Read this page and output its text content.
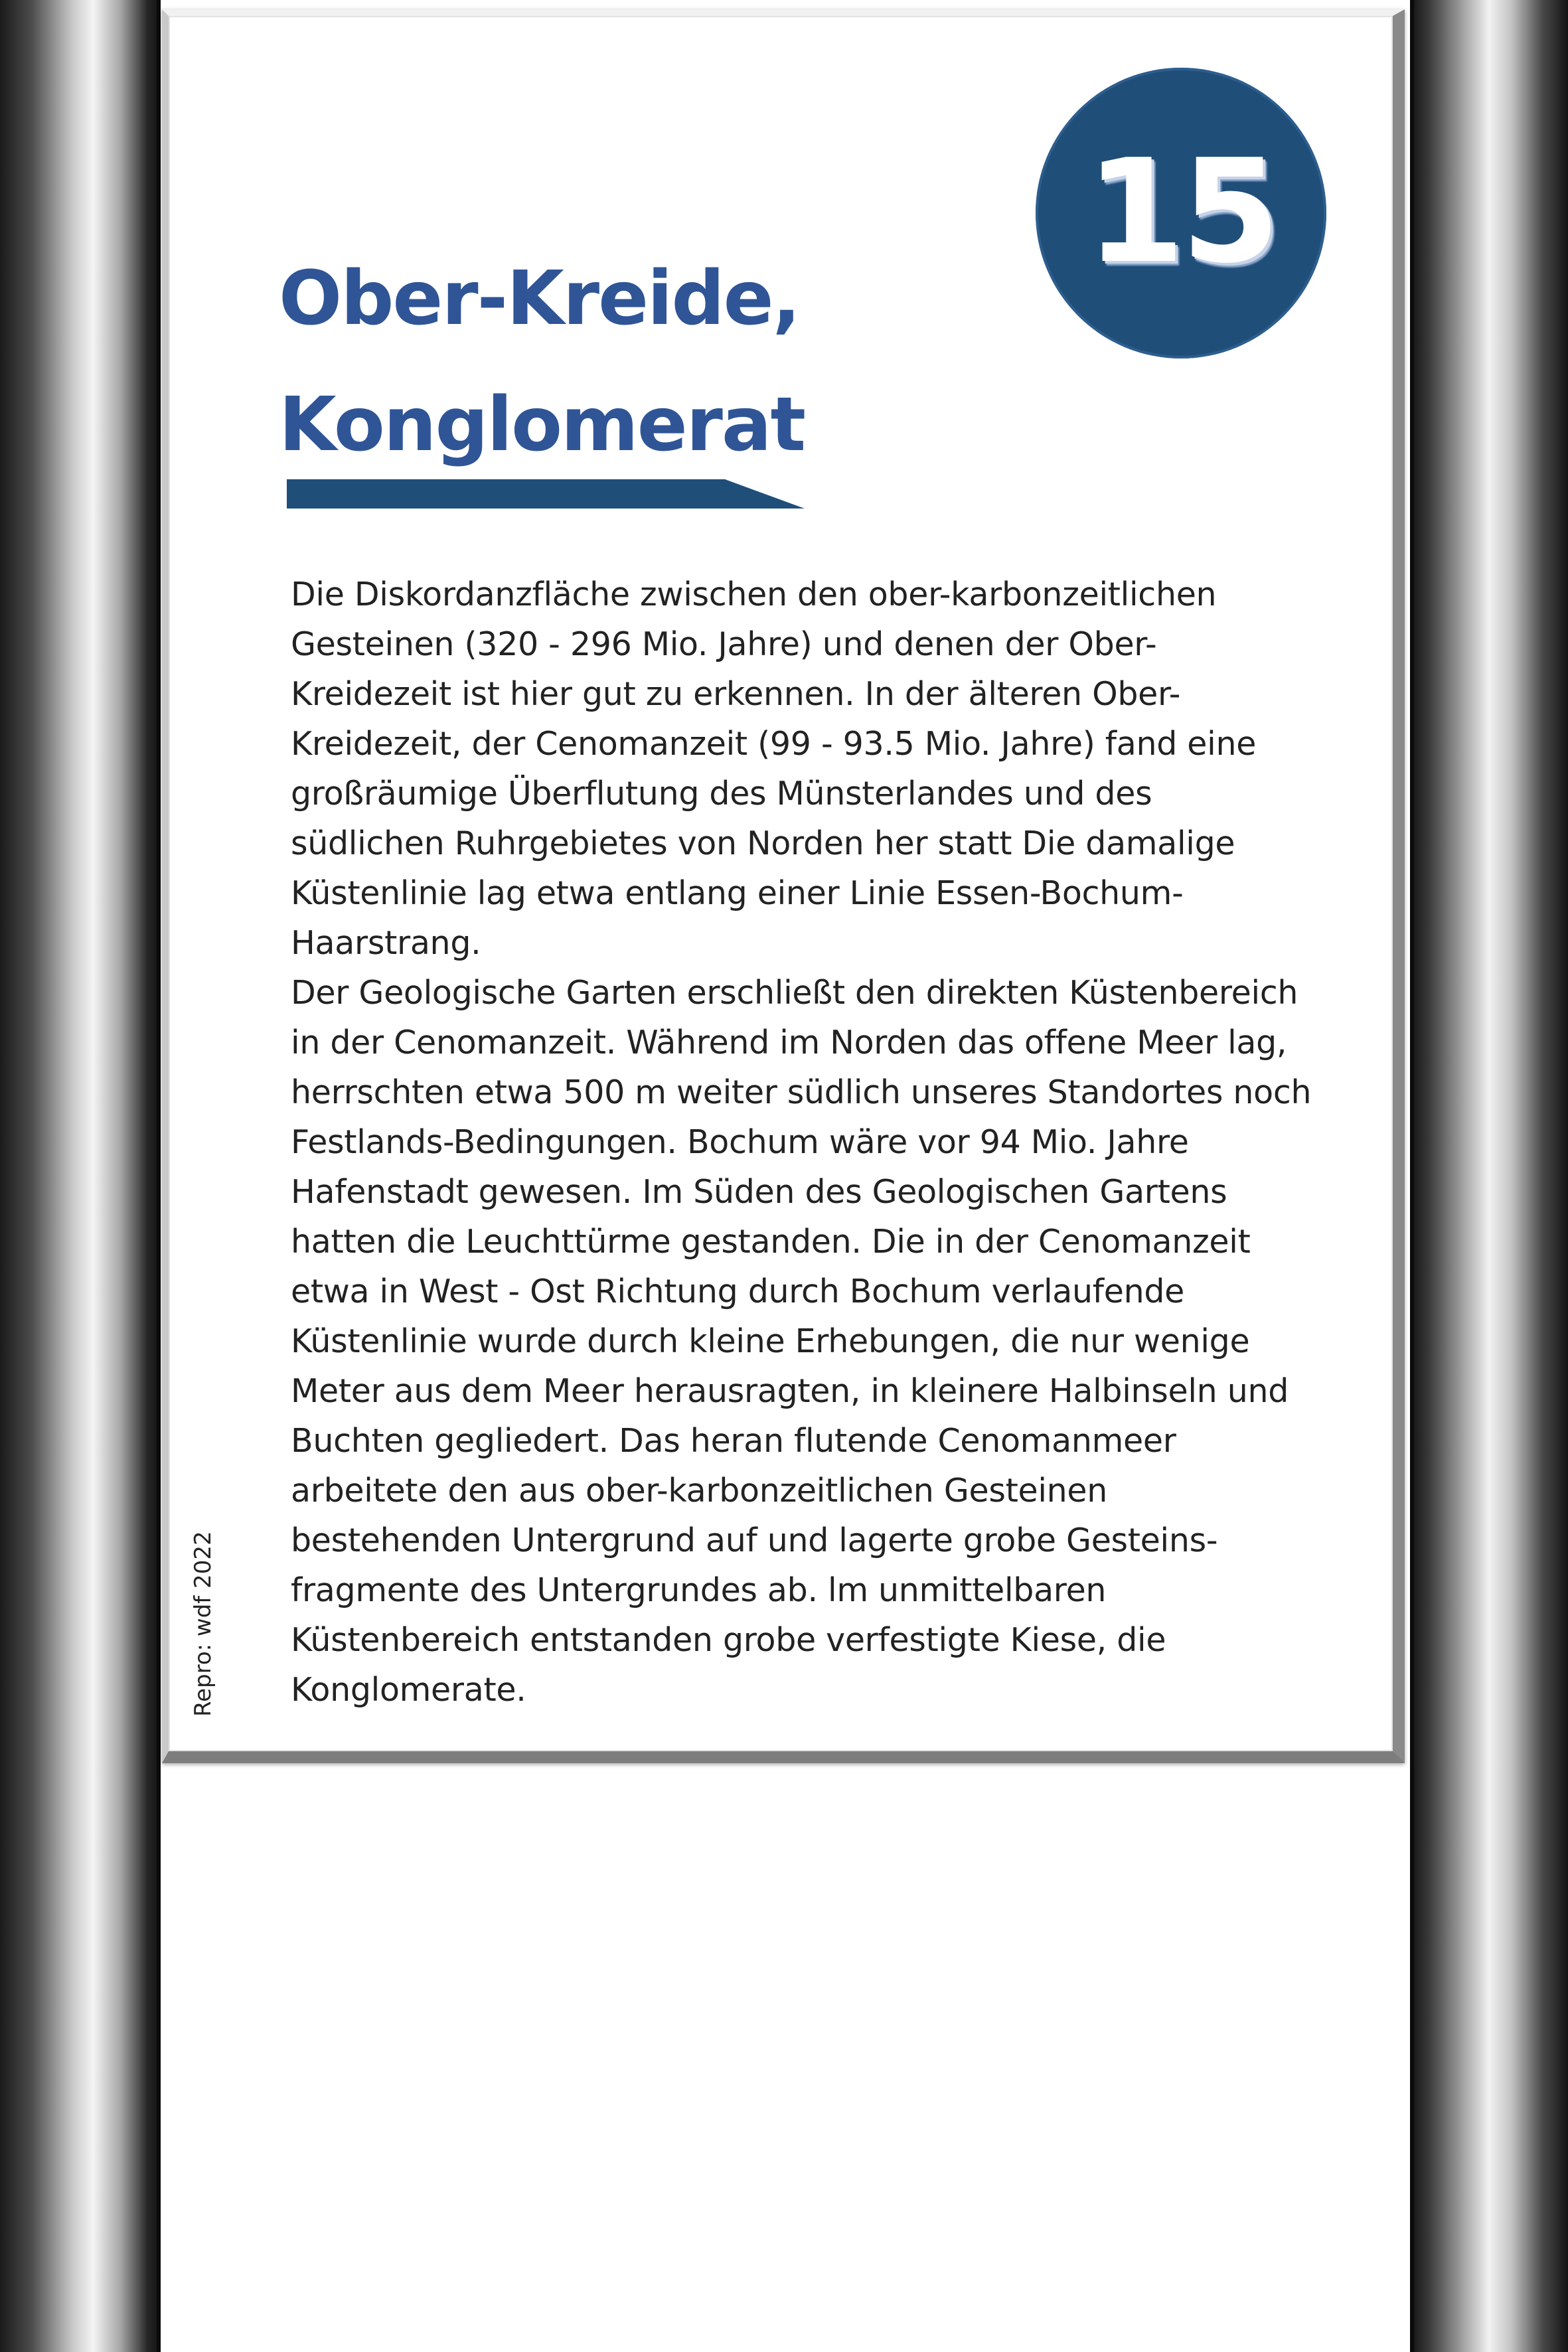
15
Ober-Kreide,
Konglomerat

Die Diskordanzfläche zwischen den ober-karbonzeitlichen
Gesteinen (320 - 296 Mio. Jahre) und denen der Ober-
Kreidezeit ist hier gut zu erkennen. In der älteren Ober-
Kreidezeit, der Cenomanzeit (99 - 93.5 Mio. Jahre) fand eine
großräumige Überflutung des Münsterlandes und des
südlichen Ruhrgebietes von Norden her statt Die damalige
Küstenlinie lag etwa entlang einer Linie Essen-Bochum-
Haarstrang.

Der Geologische Garten erschließt den direkten Küstenbereich
in der Cenomanzeit. Während im Norden das offene Meer lag,
herrschten etwa 500 m weiter südlich unseres Standortes noch
Festlands-Bedingungen. Bochum wäre vor 94 Mio. Jahre
Hafenstadt gewesen. Im Süden des Geologischen Gartens
hatten die Leuchttürme gestanden. Die in der Cenomanzeit
etwa in West - Ost Richtung durch Bochum verlaufende
Küstenlinie wurde durch kleine Erhebungen, die nur wenige
Meter aus dem Meer herausragten, in kleinere Halbinseln und
Buchten gegliedert. Das heran flutende Cenomanmeer
arbeitete den aus ober-karbonzeitlichen Gesteinen
bestehenden Untergrund auf und lagerte grobe Gesteins-
fragmente des Untergrundes ab. lm unmittelbaren
Küstenbereich entstanden grobe verfestigte Kiese, die
Konglomerate.

Repro: wdf 2022
